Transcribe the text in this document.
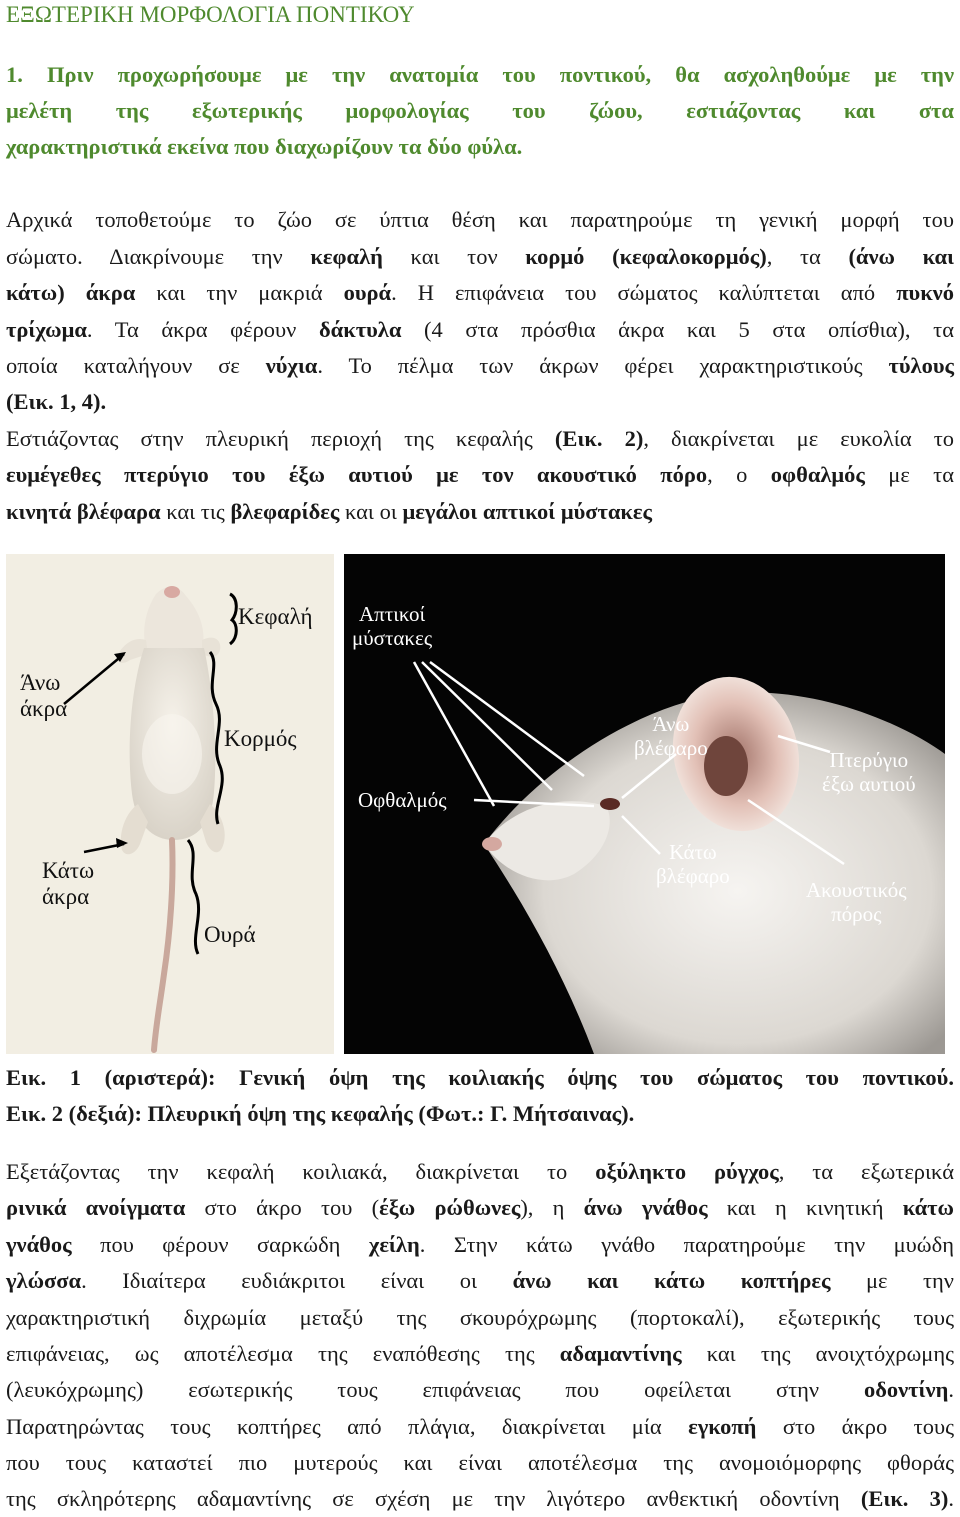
ΕΞΩΤΕΡΙΚΗ ΜΟΡΦΟΛΟΓΙΑ ΠΟΝΤΙΚΟΥ
1. Πριν προχωρήσουμε με την ανατομία του ποντικού, θα ασχοληθούμε με την
μελέτη της εξωτερικής μορφολογίας του ζώου, εστιάζοντας και στα
χαρακτηριστικά εκείνα που διαχωρίζουν τα δύο φύλα.
Αρχικά τοποθετούμε το ζώο σε ύπτια θέση και παρατηρούμε τη γενική μορφή του
σώματο. Διακρίνουμε την κεφαλή και τον κορμό (κεφαλοκορμός), τα (άνω και
κάτω) άκρα και την μακριά ουρά. Η επιφάνεια του σώματος καλύπτεται από πυκνό
τρίχωμα. Τα άκρα φέρουν δάκτυλα (4 στα πρόσθια άκρα και 5 στα οπίσθια), τα
οποία καταλήγουν σε νύχια. Το πέλμα των άκρων φέρει χαρακτηριστικούς τύλους
(Εικ. 1, 4).
Εστιάζοντας στην πλευρική περιοχή της κεφαλής (Εικ. 2), διακρίνεται με ευκολία το
ευμέγεθες πτερύγιο του έξω αυτιού με τον ακουστικό πόρο, ο οφθαλμός με τα
κινητά βλέφαρα και τις βλεφαρίδες και οι μεγάλοι απτικοί μύστακες
Κεφαλή
Άνω
άκρα
Κορμός
Κάτω
άκρα
Ουρά
Απτικοί
μύστακες
Άνω
βλέφαρο	Πτερύγιο
έξω αυτιού
Οφθαλμός
Κάτω
βλέφαρο
Ακουστικός
πόρος
Εικ. 1 (αριστερά): Γενική όψη της κοιλιακής όψης του σώματος του ποντικού.
Εικ. 2 (δεξιά): Πλευρική όψη της κεφαλής (Φωτ.: Γ. Μήτσαινας).
Εξετάζοντας την κεφαλή κοιλιακά, διακρίνεται το οξύληκτο ρύγχος, τα εξωτερικά
ρινικά ανοίγματα στο άκρο του (έξω ρώθωνες), η άνω γνάθος και η κινητική κάτω
γνάθος που φέρουν σαρκώδη χείλη. Στην κάτω γνάθο παρατηρούμε την μυώδη
γλώσσα. Ιδιαίτερα ευδιάκριτοι είναι οι άνω και κάτω κοπτήρες με την
χαρακτηριστική διχρωμία μεταξύ της σκουρόχρωμης (πορτοκαλί), εξωτερικής τους
επιφάνειας, ως αποτέλεσμα της εναπόθεσης της αδαμαντίνης και της ανοιχτόχρωμης
(λευκόχρωμης) εσωτερικής τους επιφάνειας που οφείλεται στην οδοντίνη.
Παρατηρώντας τους κοπτήρες από πλάγια, διακρίνεται μία εγκοπή στο άκρο τους
που τους καταστεί πιο μυτερούς και είναι αποτέλεσμα της ανομοιόμορφης φθοράς
της σκληρότερης αδαμαντίνης σε σχέση με την λιγότερο ανθεκτική οδοντίνη (Εικ. 3).
